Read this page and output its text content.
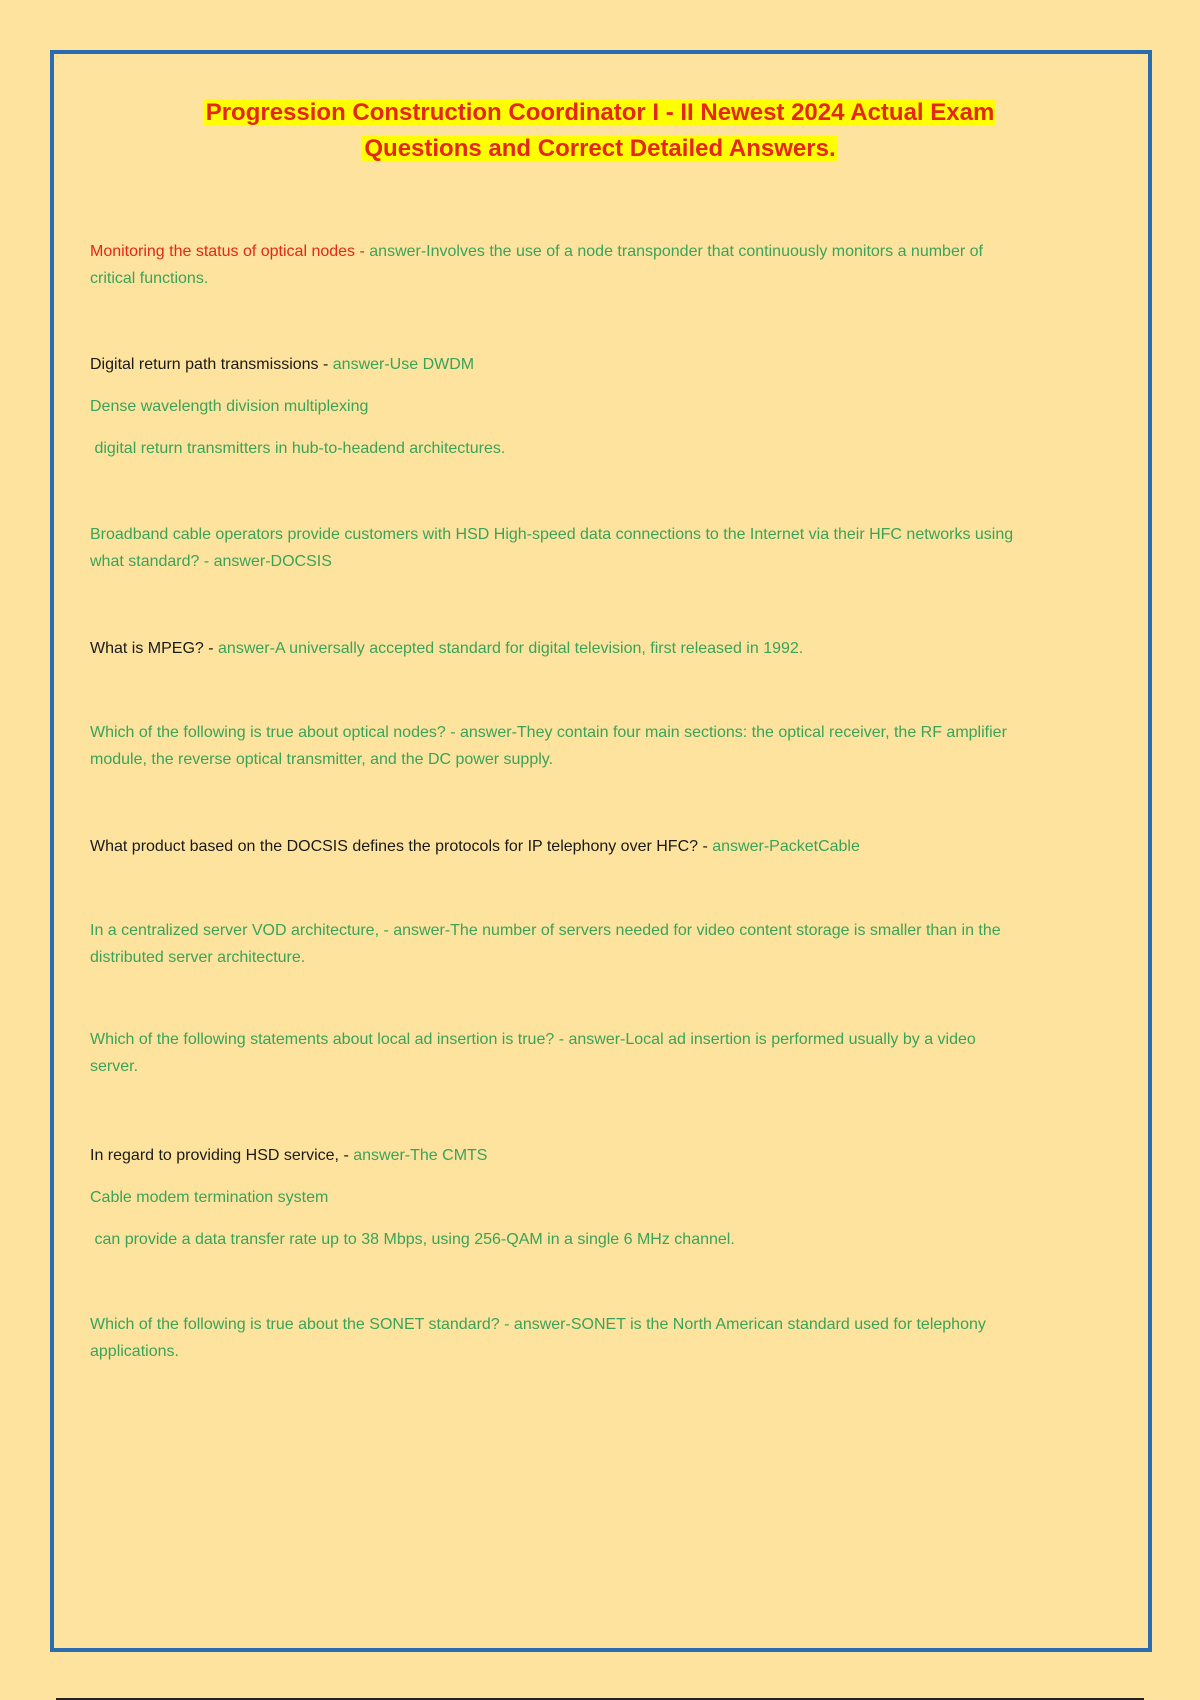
Progression Construction Coordinator I - II Newest 2024 Actual Exam
Questions and Correct Detailed Answers.

Monitoring the status of optical nodes - answer-Involves the use of a node transponder that continuously monitors a number of critical functions.

Digital return path transmissions - answer-Use DWDM

Dense wavelength division multiplexing

digital return transmitters in hub-to-headend architectures.

Broadband cable operators provide customers with HSD High-speed data connections to the Internet via their HFC networks using what standard? - answer-DOCSIS

What is MPEG? - answer-A universally accepted standard for digital television, first released in 1992.

Which of the following is true about optical nodes? - answer-They contain four main sections: the optical receiver, the RF amplifier module, the reverse optical transmitter, and the DC power supply.

What product based on the DOCSIS defines the protocols for IP telephony over HFC? - answer-PacketCable

In a centralized server VOD architecture, - answer-The number of servers needed for video content storage is smaller than in the distributed server architecture.

Which of the following statements about local ad insertion is true? - answer-Local ad insertion is performed usually by a video server.

In regard to providing HSD service, - answer-The CMTS

Cable modem termination system

can provide a data transfer rate up to 38 Mbps, using 256-QAM in a single 6 MHz channel.

Which of the following is true about the SONET standard? - answer-SONET is the North American standard used for telephony applications.
